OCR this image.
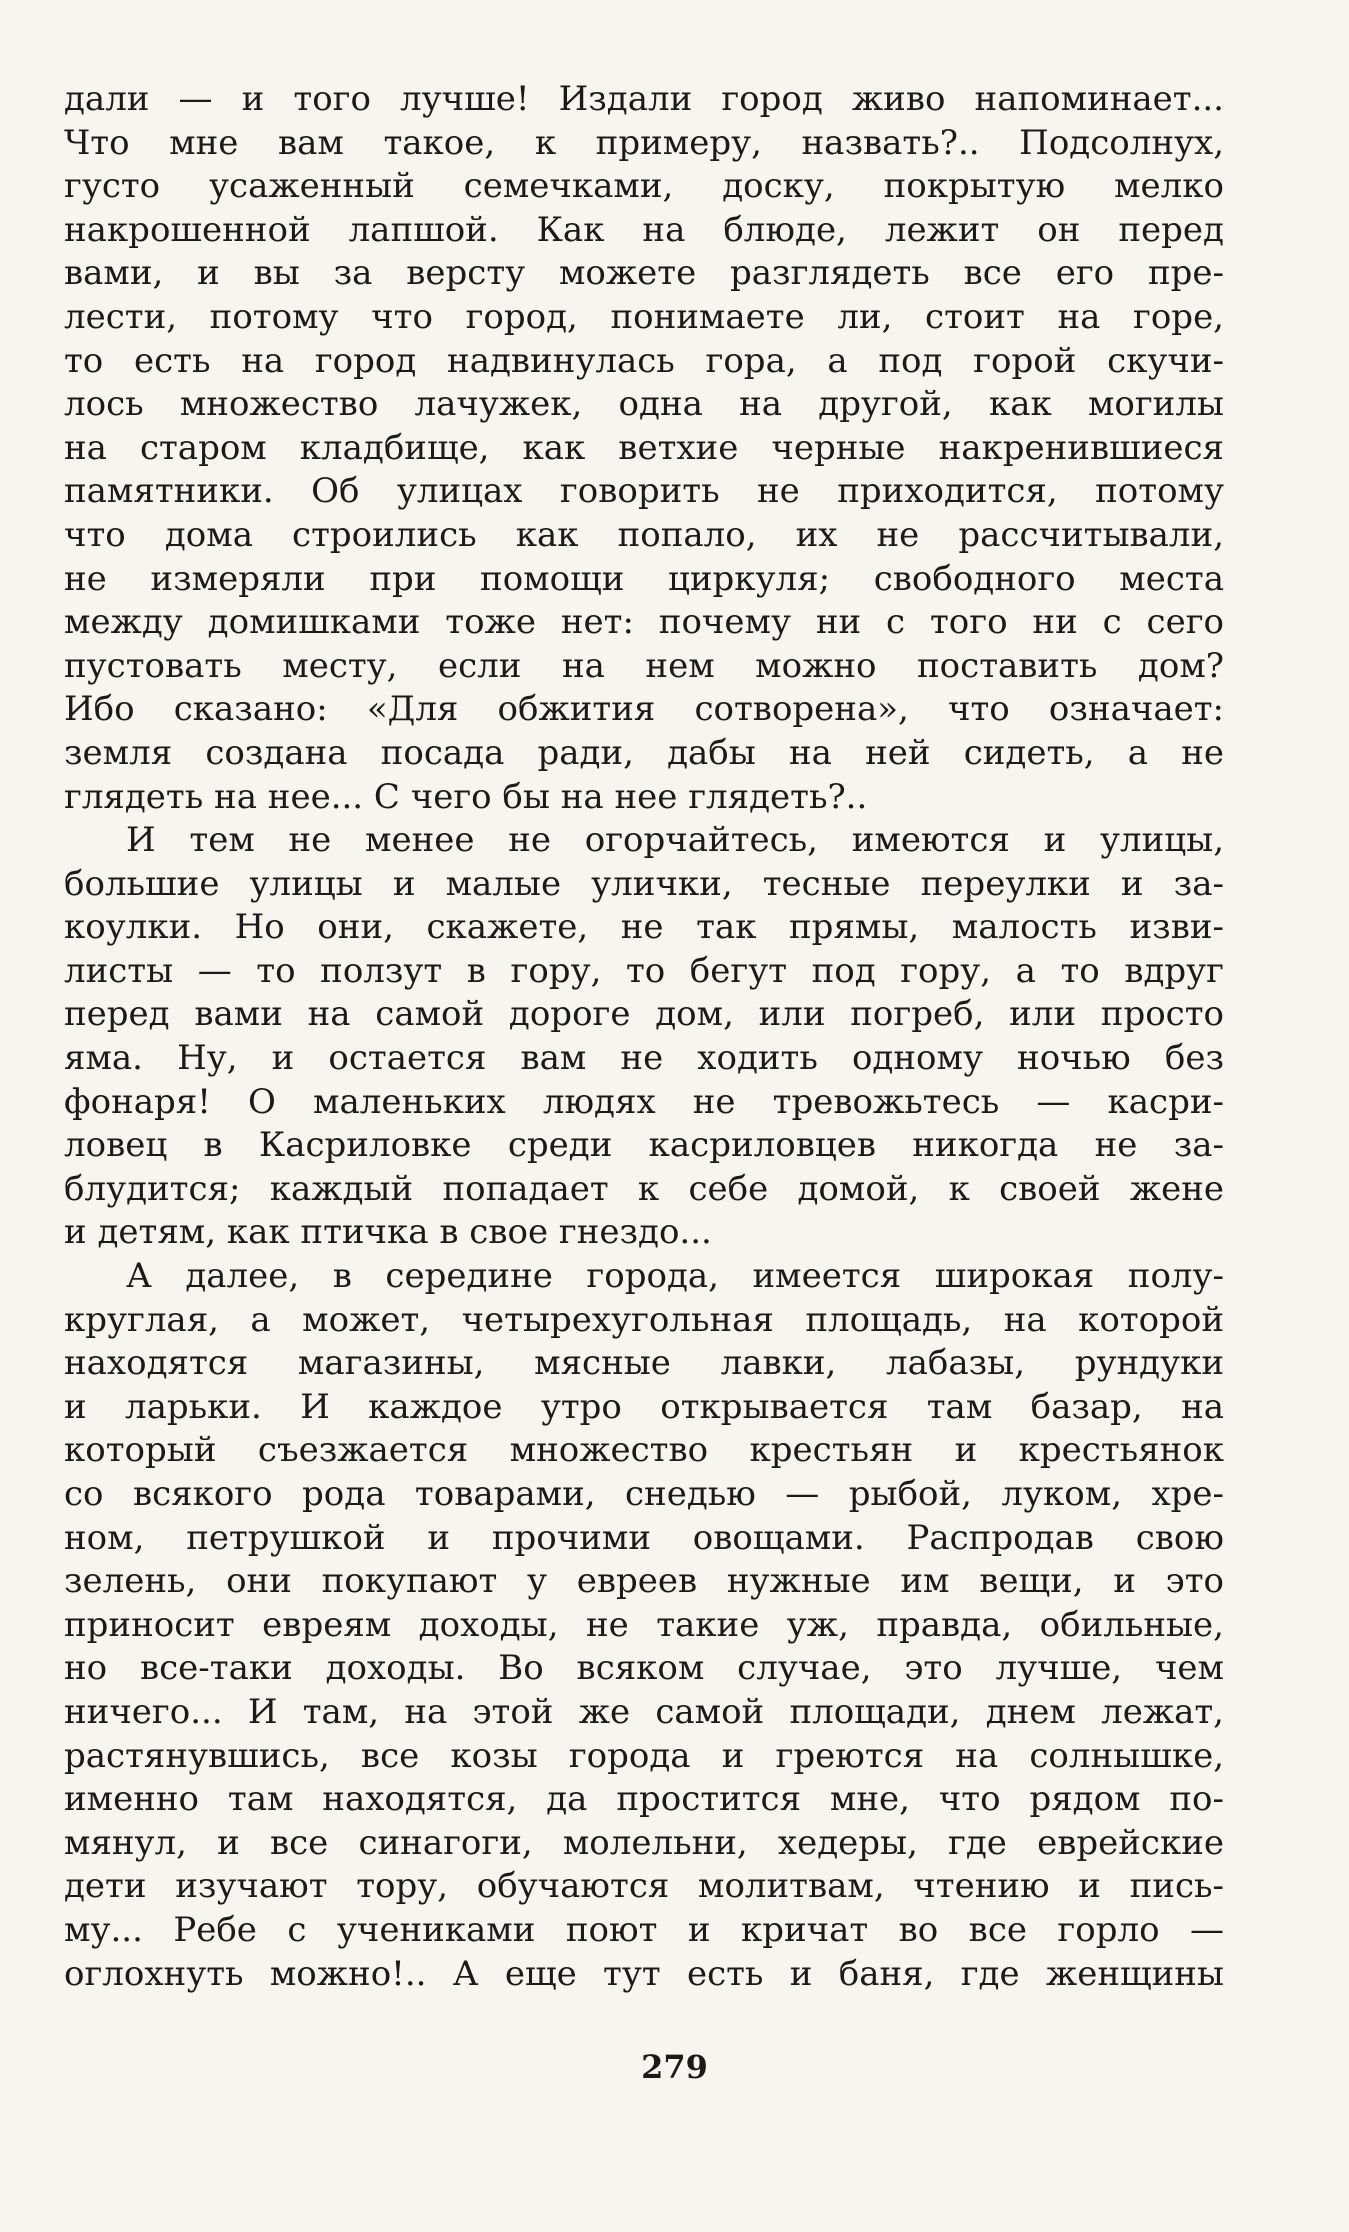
дали — и того лучше! Издали город живо напоминает...
Что мне вам такое, к примеру, назвать?.. Подсолнух,
густо усаженный семечками, доску, покрытую мелко
накрошенной лапшой. Как на блюде, лежит он перед
вами, и вы за версту можете разглядеть все его пре-
лести, потому что город, понимаете ли, стоит на горе,
то есть на город надвинулась гора, а под горой скучи-
лось множество лачужек, одна на другой, как могилы
на старом кладбище, как ветхие черные накренившиеся
памятники. Об улицах говорить не приходится, потому
что дома строились как попало, их не рассчитывали,
не измеряли при помощи циркуля; свободного места
между домишками тоже нет: почему ни с того ни с сего
пустовать месту, если на нем можно поставить дом?
Ибо сказано: «Для обжития сотворена», что означает:
земля создана посада ради, дабы на ней сидеть, а не
глядеть на нее... С чего бы на нее глядеть?..
И тем не менее не огорчайтесь, имеются и улицы,
большие улицы и малые улички, тесные переулки и за-
коулки. Но они, скажете, не так прямы, малость изви-
листы — то ползут в гору, то бегут под гору, а то вдруг
перед вами на самой дороге дом, или погреб, или просто
яма. Ну, и остается вам не ходить одному ночью без
фонаря! О маленьких людях не тревожьтесь — касри-
ловец в Касриловке среди касриловцев никогда не за-
блудится; каждый попадает к себе домой, к своей жене
и детям, как птичка в свое гнездо...
А далее, в середине города, имеется широкая полу-
круглая, а может, четырехугольная площадь, на которой
находятся магазины, мясные лавки, лабазы, рундуки
и ларьки. И каждое утро открывается там базар, на
который съезжается множество крестьян и крестьянок
со всякого рода товарами, снедью — рыбой, луком, хре-
ном, петрушкой и прочими овощами. Распродав свою
зелень, они покупают у евреев нужные им вещи, и это
приносит евреям доходы, не такие уж, правда, обильные,
но все-таки доходы. Во всяком случае, это лучше, чем
ничего... И там, на этой же самой площади, днем лежат,
растянувшись, все козы города и греются на солнышке,
именно там находятся, да простится мне, что рядом по-
мянул, и все синагоги, молельни, хедеры, где еврейские
дети изучают тору, обучаются молитвам, чтению и пись-
му... Ребе с учениками поют и кричат во все горло —
оглохнуть можно!.. А еще тут есть и баня, где женщины
279
